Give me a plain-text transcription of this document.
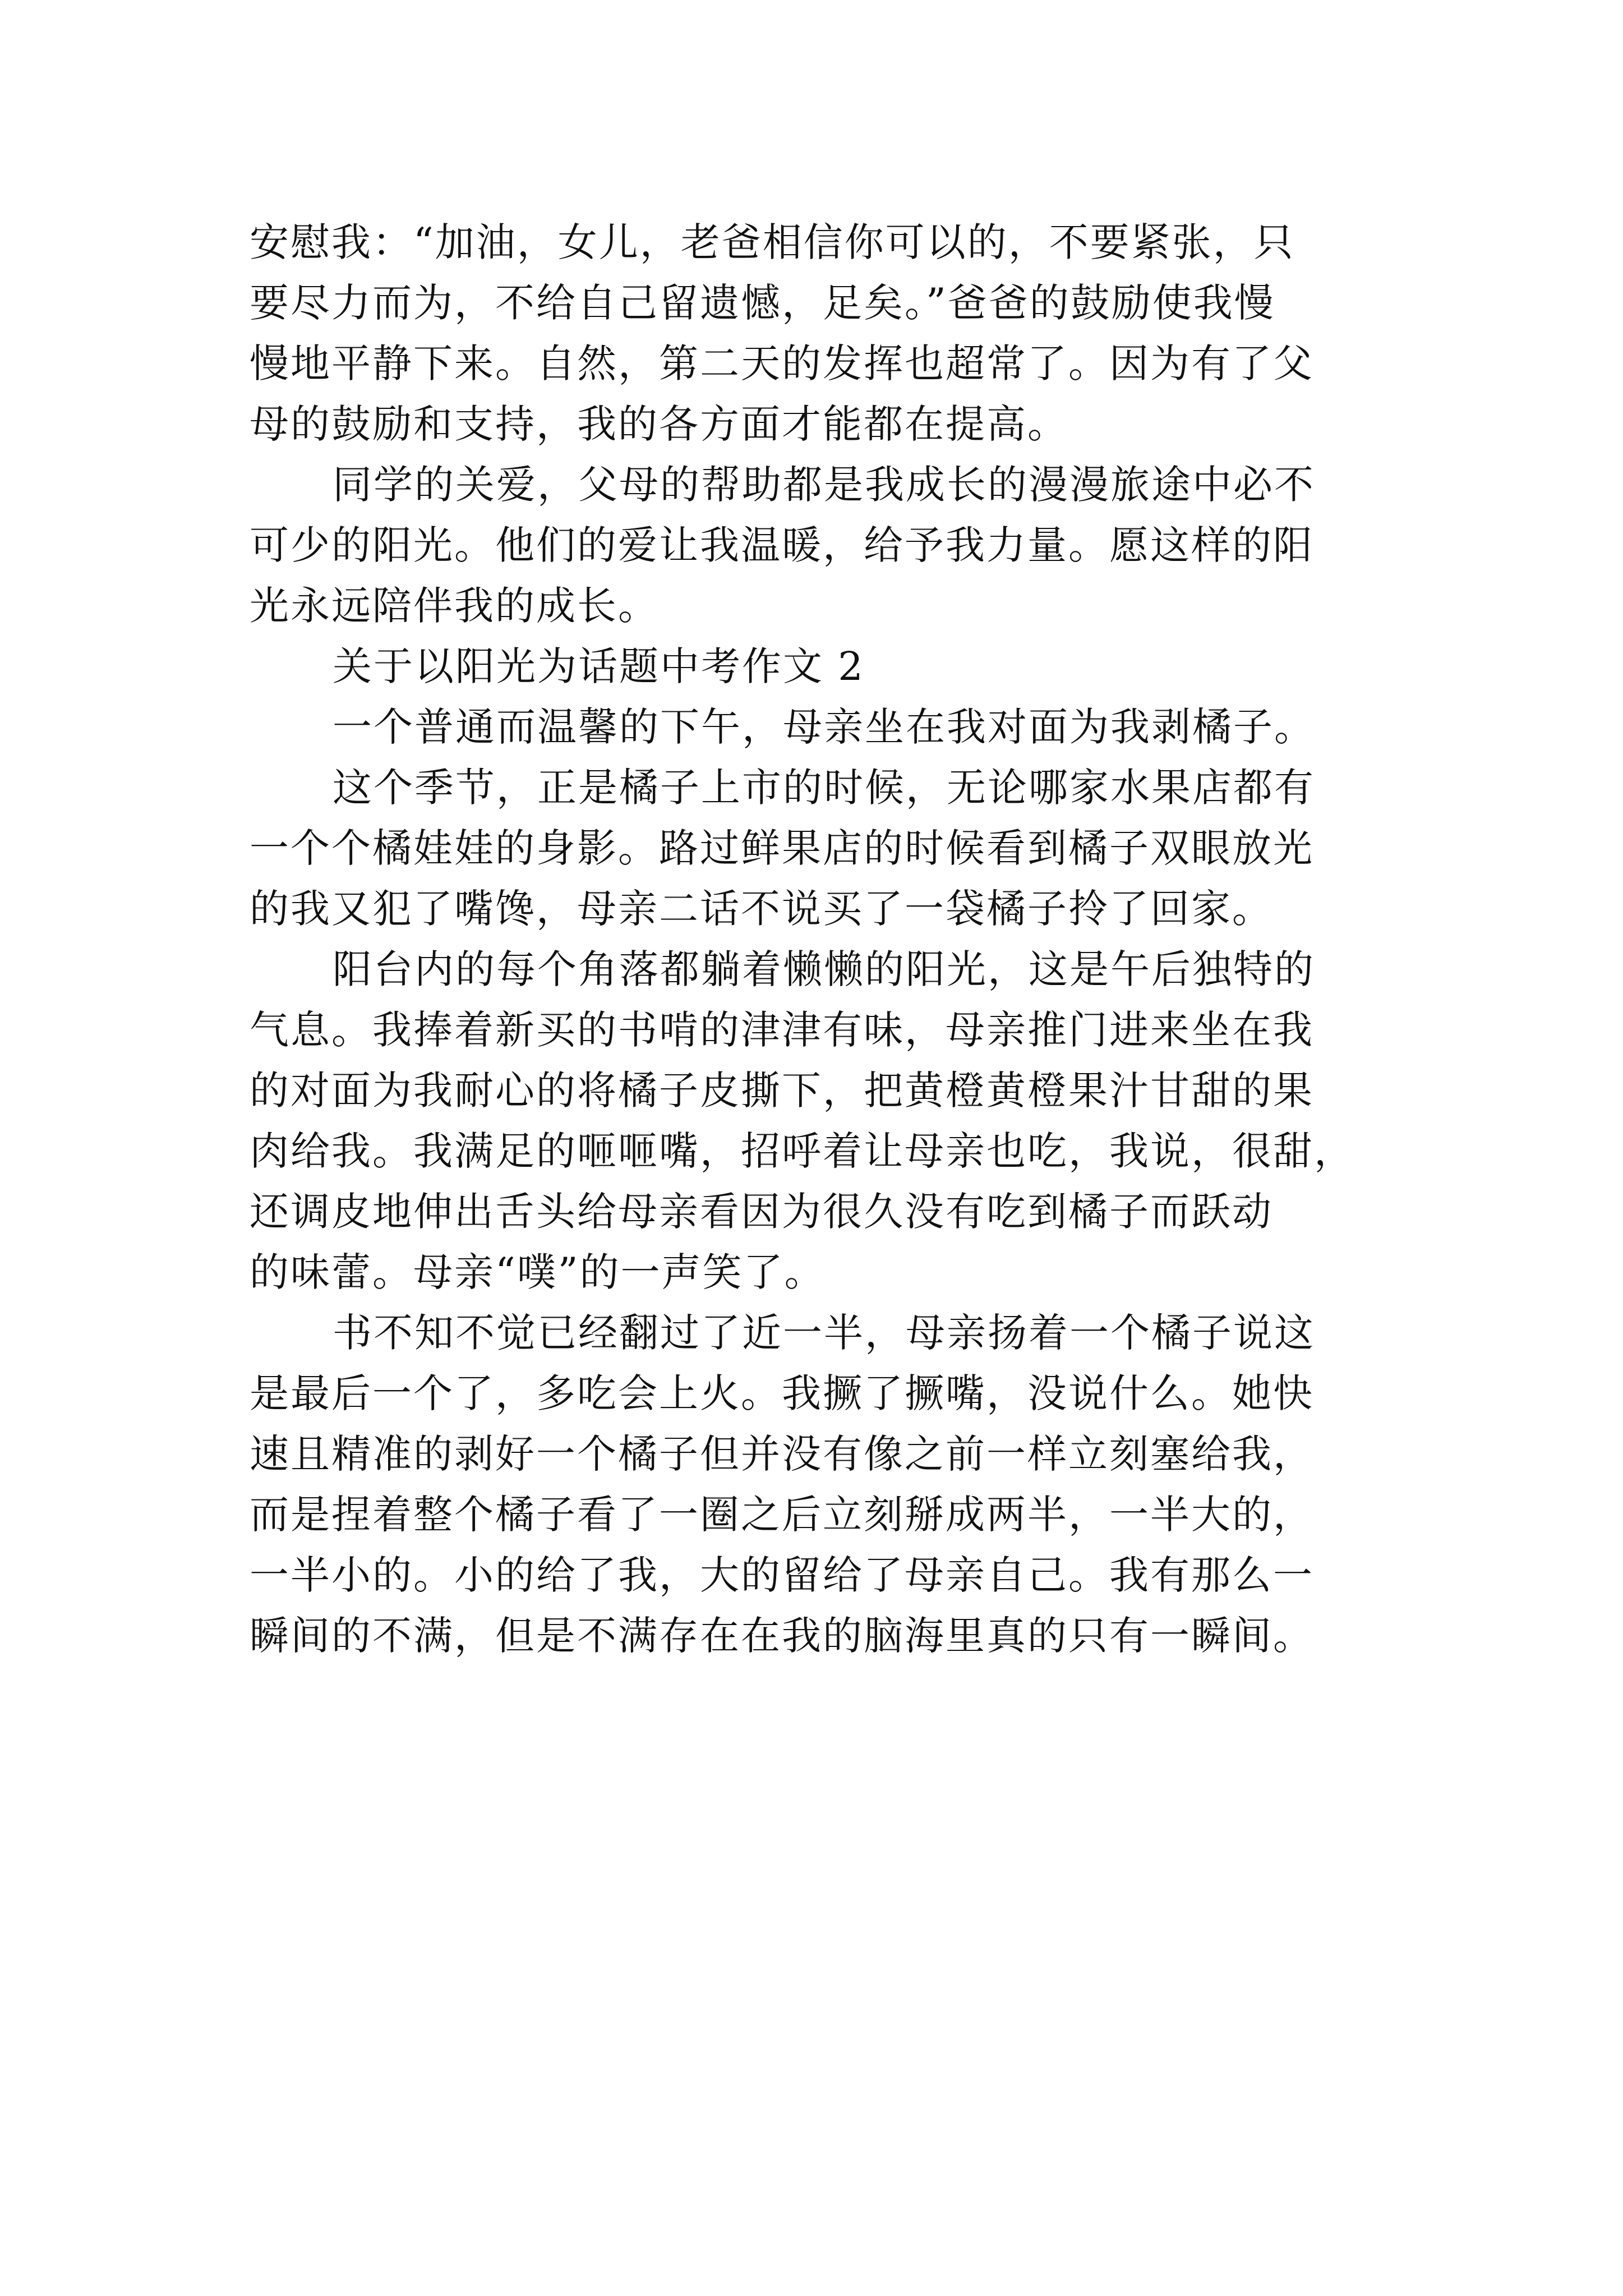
安慰我：“加油，女儿，老爸相信你可以的，不要紧张，只
要尽力而为，不给自己留遗憾，足矣。”爸爸的鼓励使我慢
慢地平静下来。自然，第二天的发挥也超常了。因为有了父
母的鼓励和支持，我的各方面才能都在提高。
同学的关爱，父母的帮助都是我成长的漫漫旅途中必不
可少的阳光。他们的爱让我温暖，给予我力量。愿这样的阳
光永远陪伴我的成长。
关于以阳光为话题中考作文 2
一个普通而温馨的下午，母亲坐在我对面为我剥橘子。
这个季节，正是橘子上市的时候，无论哪家水果店都有
一个个橘娃娃的身影。路过鲜果店的时候看到橘子双眼放光
的我又犯了嘴馋，母亲二话不说买了一袋橘子拎了回家。
阳台内的每个角落都躺着懒懒的阳光，这是午后独特的
气息。我捧着新买的书啃的津津有味，母亲推门进来坐在我
的对面为我耐心的将橘子皮撕下，把黄橙黄橙果汁甘甜的果
肉给我。我满足的咂咂嘴，招呼着让母亲也吃，我说，很甜，
还调皮地伸出舌头给母亲看因为很久没有吃到橘子而跃动
的味蕾。母亲“噗”的一声笑了。
书不知不觉已经翻过了近一半，母亲扬着一个橘子说这
是最后一个了，多吃会上火。我撅了撅嘴，没说什么。她快
速且精准的剥好一个橘子但并没有像之前一样立刻塞给我，
而是捏着整个橘子看了一圈之后立刻掰成两半，一半大的，
一半小的。小的给了我，大的留给了母亲自己。我有那么一
瞬间的不满，但是不满存在在我的脑海里真的只有一瞬间。
